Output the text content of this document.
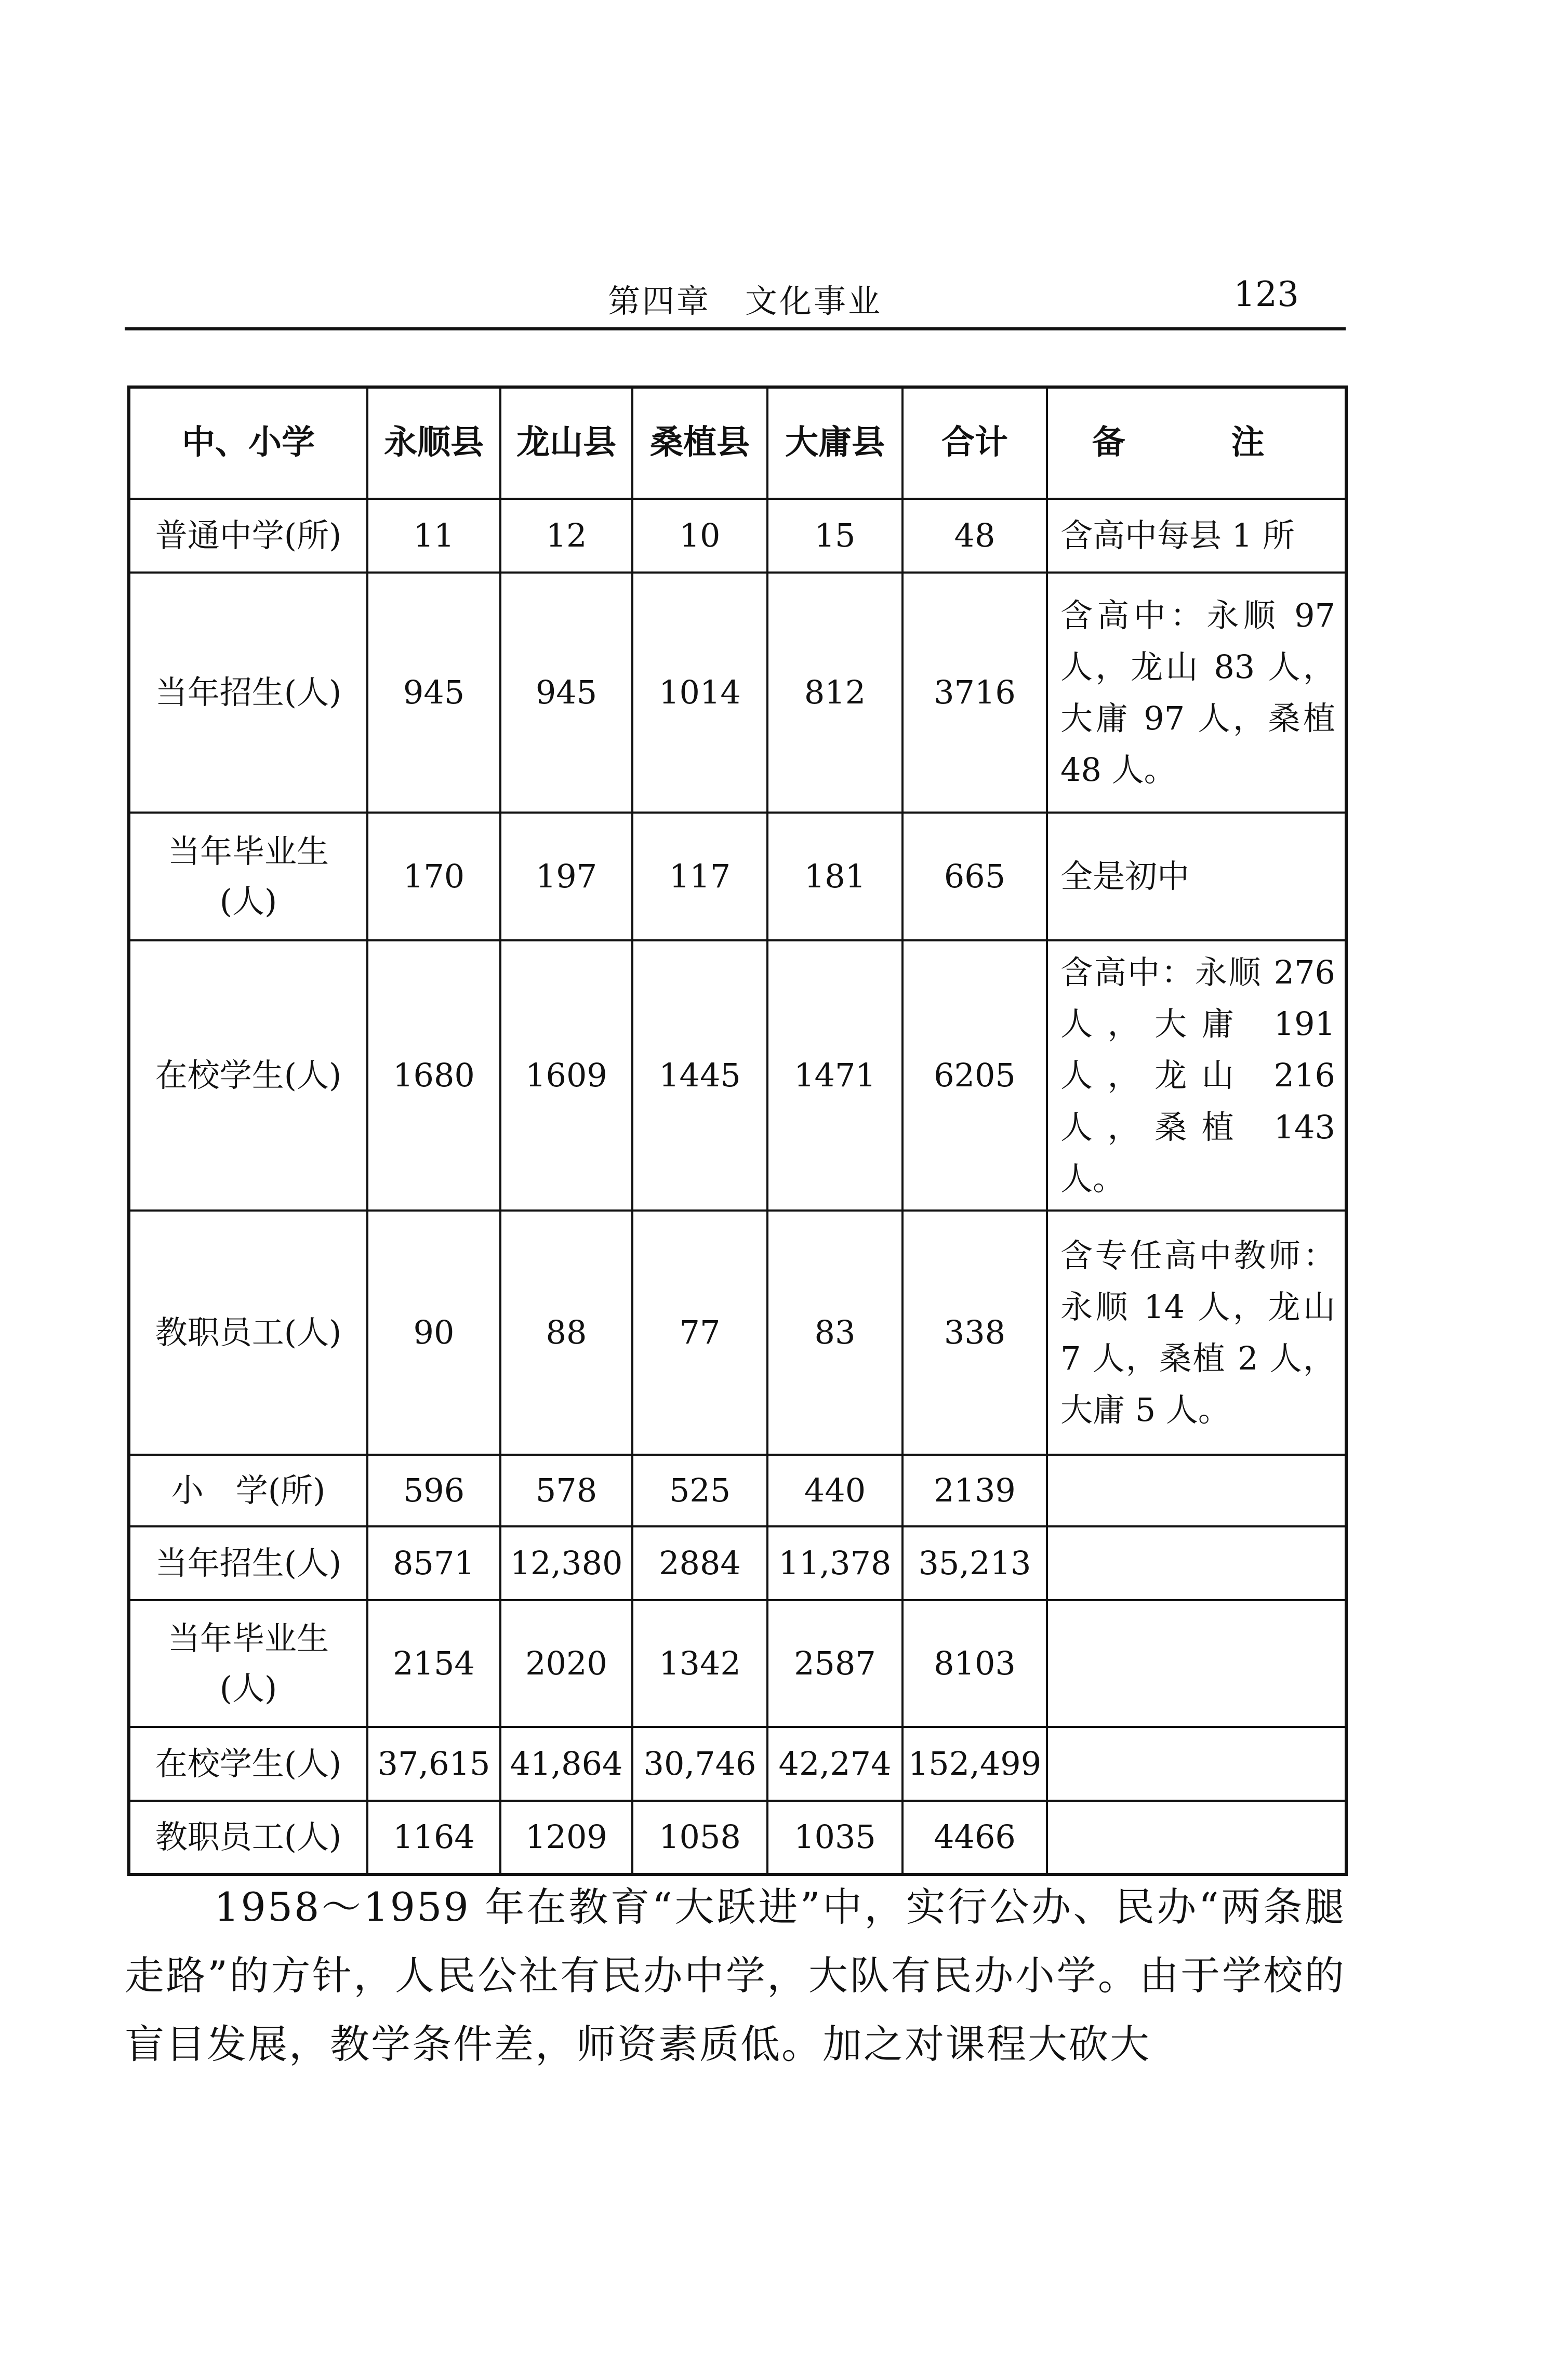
第四章　文化事业	123
中、小学	永顺县	龙山县	桑植县	大庸县	合计	备　注
普通中学(所)	11	12	10	15	48	含高中每县 1 所
当年招生(人)	945	945	1014	812	3716	含高中：永顺 97 人，龙山 83 人，大庸 97 人，桑植 48 人。
当年毕业生(人)	170	197	117	181	665	全是初中
在校学生(人)	1680	1609	1445	1471	6205	含高中：永顺 276 人，大庸 191 人，龙山 216 人，桑植 143 人。
教职员工(人)	90	88	77	83	338	含专任高中教师：永顺 14 人，龙山 7 人，桑植 2 人，大庸 5 人。
小　学(所)	596	578	525	440	2139	
当年招生(人)	8571	12,380	2884	11,378	35,213	
当年毕业生(人)	2154	2020	1342	2587	8103	
在校学生(人)	37,615	41,864	30,746	42,274	152,499	
教职员工(人)	1164	1209	1058	1035	4466	

1958～1959 年在教育“大跃进”中，实行公办、民办“两条腿走路”的方针，人民公社有民办中学，大队有民办小学。由于学校的盲目发展，教学条件差，师资素质低。加之对课程大砍大
